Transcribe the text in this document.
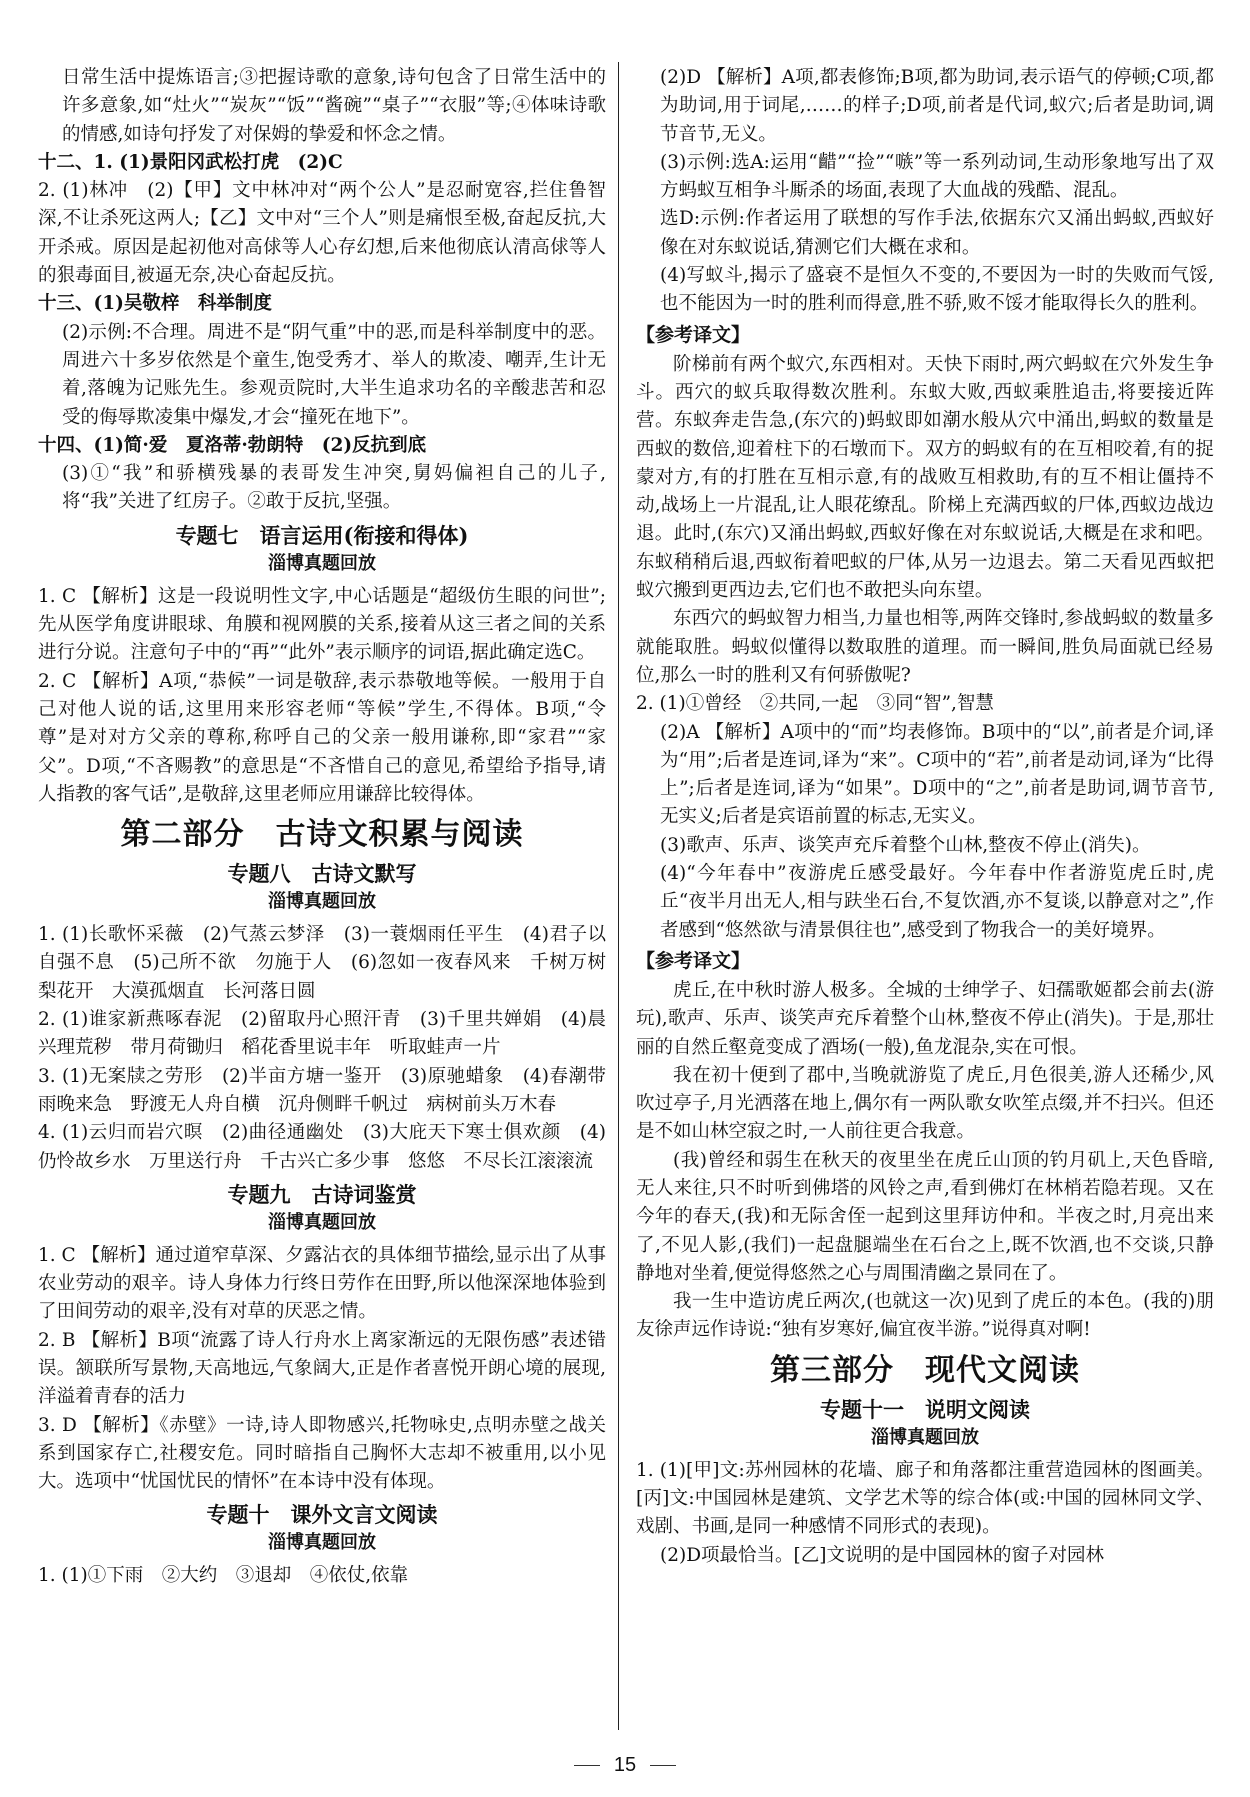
日常生活中提炼语言;③把握诗歌的意象,诗句包含了日常生活中的许多意象,如“灶火”“炭灰”“饭”“酱碗”“桌子”“衣服”等;④体味诗歌的情感,如诗句抒发了对保姆的挚爱和怀念之情。

十二、1. (1)景阳冈武松打虎　(2)C

2. (1)林冲　(2)【甲】文中林冲对“两个公人”是忍耐宽容,拦住鲁智深,不让杀死这两人;【乙】文中对“三个人”则是痛恨至极,奋起反抗,大开杀戒。原因是起初他对高俅等人心存幻想,后来他彻底认清高俅等人的狠毒面目,被逼无奈,决心奋起反抗。

十三、(1)吴敬梓　科举制度

(2)示例:不合理。周进不是“阴气重”中的恶,而是科举制度中的恶。周进六十多岁依然是个童生,饱受秀才、举人的欺凌、嘲弄,生计无着,落魄为记账先生。参观贡院时,大半生追求功名的辛酸悲苦和忍受的侮辱欺凌集中爆发,才会“撞死在地下”。

十四、(1)简·爱　夏洛蒂·勃朗特　(2)反抗到底

(3)①“我”和骄横残暴的表哥发生冲突,舅妈偏袒自己的儿子,将“我”关进了红房子。②敢于反抗,坚强。

专题七　语言运用(衔接和得体)
淄博真题回放

1. C 【解析】这是一段说明性文字,中心话题是“超级仿生眼的问世”;先从医学角度讲眼球、角膜和视网膜的关系,接着从这三者之间的关系进行分说。注意句子中的“再”“此外”表示顺序的词语,据此确定选C。

2. C 【解析】A项,“恭候”一词是敬辞,表示恭敬地等候。一般用于自己对他人说的话,这里用来形容老师“等候”学生,不得体。B项,“令尊”是对对方父亲的尊称,称呼自己的父亲一般用谦称,即“家君”“家父”。D项,“不吝赐教”的意思是“不吝惜自己的意见,希望给予指导,请人指教的客气话”,是敬辞,这里老师应用谦辞比较得体。

第二部分　古诗文积累与阅读
专题八　古诗文默写
淄博真题回放

1. (1)长歌怀采薇　(2)气蒸云梦泽　(3)一蓑烟雨任平生　(4)君子以自强不息　(5)己所不欲　勿施于人　(6)忽如一夜春风来　千树万树梨花开　大漠孤烟直　长河落日圆

2. (1)谁家新燕啄春泥　(2)留取丹心照汗青　(3)千里共婵娟　(4)晨兴理荒秽　带月荷锄归　稻花香里说丰年　听取蛙声一片

3. (1)无案牍之劳形　(2)半亩方塘一鉴开　(3)原驰蜡象　(4)春潮带雨晚来急　野渡无人舟自横　沉舟侧畔千帆过　病树前头万木春

4. (1)云归而岩穴暝　(2)曲径通幽处　(3)大庇天下寒士俱欢颜　(4)仍怜故乡水　万里送行舟　千古兴亡多少事　悠悠　不尽长江滚滚流

专题九　古诗词鉴赏
淄博真题回放

1. C 【解析】通过道窄草深、夕露沾衣的具体细节描绘,显示出了从事农业劳动的艰辛。诗人身体力行终日劳作在田野,所以他深深地体验到了田间劳动的艰辛,没有对草的厌恶之情。

2. B 【解析】B项“流露了诗人行舟水上离家渐远的无限伤感”表述错误。颔联所写景物,天高地远,气象阔大,正是作者喜悦开朗心境的展现,洋溢着青春的活力

3. D 【解析】《赤壁》一诗,诗人即物感兴,托物咏史,点明赤壁之战关系到国家存亡,社稷安危。同时暗指自己胸怀大志却不被重用,以小见大。选项中“忧国忧民的情怀”在本诗中没有体现。

专题十　课外文言文阅读
淄博真题回放

1. (1)①下雨　②大约　③退却　④依仗,依靠

(2)D 【解析】A项,都表修饰;B项,都为助词,表示语气的停顿;C项,都为助词,用于词尾,……的样子;D项,前者是代词,蚁穴;后者是助词,调节音节,无义。

(3)示例:选A:运用“齰”“捡”“嗾”等一系列动词,生动形象地写出了双方蚂蚁互相争斗厮杀的场面,表现了大血战的残酷、混乱。

选D:示例:作者运用了联想的写作手法,依据东穴又涌出蚂蚁,西蚁好像在对东蚁说话,猜测它们大概在求和。

(4)写蚁斗,揭示了盛衰不是恒久不变的,不要因为一时的失败而气馁,也不能因为一时的胜利而得意,胜不骄,败不馁才能取得长久的胜利。

【参考译文】

阶梯前有两个蚁穴,东西相对。天快下雨时,两穴蚂蚁在穴外发生争斗。西穴的蚁兵取得数次胜利。东蚁大败,西蚁乘胜追击,将要接近阵营。东蚁奔走告急,(东穴的)蚂蚁即如潮水般从穴中涌出,蚂蚁的数量是西蚁的数倍,迎着柱下的石墩而下。双方的蚂蚁有的在互相咬着,有的捉蒙对方,有的打胜在互相示意,有的战败互相救助,有的互不相让僵持不动,战场上一片混乱,让人眼花缭乱。阶梯上充满西蚁的尸体,西蚁边战边退。此时,(东穴)又涌出蚂蚁,西蚁好像在对东蚁说话,大概是在求和吧。东蚁稍稍后退,西蚁衔着吧蚁的尸体,从另一边退去。第二天看见西蚁把蚁穴搬到更西边去,它们也不敢把头向东望。

东西穴的蚂蚁智力相当,力量也相等,两阵交锋时,参战蚂蚁的数量多就能取胜。蚂蚁似懂得以数取胜的道理。而一瞬间,胜负局面就已经易位,那么一时的胜利又有何骄傲呢?

2. (1)①曾经　②共同,一起　③同“智”,智慧

(2)A 【解析】A项中的“而”均表修饰。B项中的“以”,前者是介词,译为“用”;后者是连词,译为“来”。C项中的“若”,前者是动词,译为“比得上”;后者是连词,译为“如果”。D项中的“之”,前者是助词,调节音节,无实义;后者是宾语前置的标志,无实义。

(3)歌声、乐声、谈笑声充斥着整个山林,整夜不停止(消失)。

(4)“今年春中”夜游虎丘感受最好。今年春中作者游览虎丘时,虎丘“夜半月出无人,相与趺坐石台,不复饮酒,亦不复谈,以静意对之”,作者感到“悠然欲与清景俱往也”,感受到了物我合一的美好境界。

【参考译文】

虎丘,在中秋时游人极多。全城的士绅学子、妇孺歌姬都会前去(游玩),歌声、乐声、谈笑声充斥着整个山林,整夜不停止(消失)。于是,那壮丽的自然丘壑竟变成了酒场(一般),鱼龙混杂,实在可恨。

我在初十便到了郡中,当晚就游览了虎丘,月色很美,游人还稀少,风吹过亭子,月光洒落在地上,偶尔有一两队歌女吹笙点缀,并不扫兴。但还是不如山林空寂之时,一人前往更合我意。

(我)曾经和弱生在秋天的夜里坐在虎丘山顶的钓月矶上,天色昏暗,无人来往,只不时听到佛塔的风铃之声,看到佛灯在林梢若隐若现。又在今年的春天,(我)和无际舍侄一起到这里拜访仲和。半夜之时,月亮出来了,不见人影,(我们)一起盘腿端坐在石台之上,既不饮酒,也不交谈,只静静地对坐着,便觉得悠然之心与周围清幽之景同在了。

我一生中造访虎丘两次,(也就这一次)见到了虎丘的本色。(我的)朋友徐声远作诗说:“独有岁寒好,偏宜夜半游。”说得真对啊!

第三部分　现代文阅读
专题十一　说明文阅读
淄博真题回放

1. (1)[甲]文:苏州园林的花墙、廊子和角落都注重营造园林的图画美。[丙]文:中国园林是建筑、文学艺术等的综合体(或:中国的园林同文学、戏剧、书画,是同一种感情不同形式的表现)。

(2)D项最恰当。[乙]文说明的是中国园林的窗子对园林

15
